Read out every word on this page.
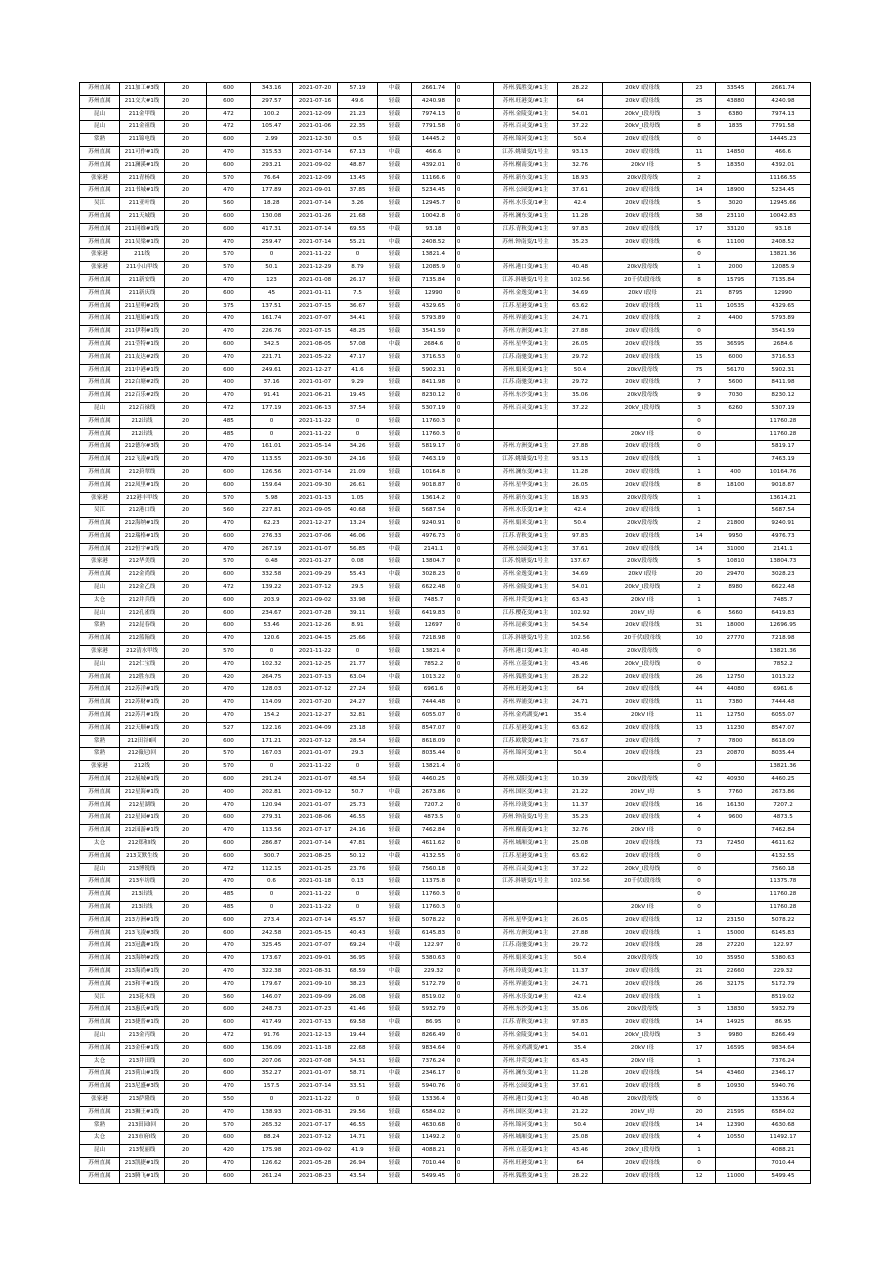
苏州直属	211加工#3线	20	600	343.16	2021-07-20	57.19	中载	2661.74	0	苏州.狐胜变/#1主	28.22	20kV Ⅰ段母线	23	33545	2661.74
苏州直属	211交大#1线	20	600	297.57	2021-07-16	49.6	轻载	4240.98	0	苏州.旺港变/#1主	64	20kV Ⅰ段母线	25	43880	4240.98
昆山	211金甲线	20	472	100.2	2021-12-09	21.23	轻载	7974.13	0	苏州.金陵变/#1主	54.01	20kV_Ⅰ段母线	3	6380	7974.13
昆山	211金祖线	20	472	105.47	2021-01-06	22.35	轻载	7791.58	0	苏州.百灵变/#1主	37.22	20kV_Ⅰ段母线	8	1835	7791.58
常熟	211锦电线	20	600	2.99	2021-12-30	0.5	轻载	14445.2	0	苏州.锦河变/#1主	50.4	20kV Ⅰ段母线	0		14445.23
苏州直属	211可作#1线	20	470	315.53	2021-07-14	67.13	中载	466.6	0	江苏.姚墙变/1号主	93.13	20kV Ⅰ段母线	11	14850	466.6
苏州直属	211澜溪#1线	20	600	293.21	2021-09-02	48.87	轻载	4392.01	0	苏州.榭南变/#1主	32.76	20kV Ⅰ母	5	18350	4392.01
张家港	211青杨线	20	570	76.64	2021-12-09	13.45	轻载	11166.6	0	苏州.新东变/#1主	18.93	20kV段母线	2		11166.55
苏州直属	211书城#1线	20	470	177.89	2021-09-01	37.85	轻载	5234.45	0	苏州.公园变/#1主	37.61	20kV Ⅰ段母线	14	18900	5234.45
吴江	211亚叶线	20	560	18.28	2021-07-14	3.26	轻载	12945.7	0	苏州.水乐变/1#主	42.4	20kV Ⅰ段母线	5	3020	12945.66
苏州直属	211天城线	20	600	130.08	2021-01-26	21.68	轻载	10042.8	0	苏州.澜东变/#1主	11.28	20kV Ⅰ段母线	38	23110	10042.83
苏州直属	211同维#1线	20	600	417.31	2021-07-14	69.55	中载	93.18	0	江苏.青秋变/#1主	97.83	20kV Ⅰ段母线	17	33120	93.18
苏州直属	211吴梁#1线	20	470	259.47	2021-07-14	55.21	中载	2408.52	0	苏州.钟南变/1号主	35.23	20kV Ⅰ段母线	6	11100	2408.52
张家港	211线	20	570	0	2021-11-22	0	轻载	13821.4	0				0		13821.36
张家港	211小山甲线	20	570	50.1	2021-12-29	8.79	轻载	12085.9	0	苏州.港口变/#1主	40.48	20kV段母线	1	2000	12085.9
苏州直属	211新安线	20	470	123	2021-01-08	26.17	轻载	7135.84	0	江苏.斜塘变/1号主	102.56	20千伏Ⅰ段母线	8	15795	7135.84
苏州直属	211新庆线	20	600	45	2021-01-11	7.5	轻载	12990	0	苏州.金逸变/#1主	34.69	20kV Ⅰ段母	21	8795	12990
苏州直属	211星明#2线	20	375	137.51	2021-07-15	36.67	轻载	4329.65	0	江苏.星港变/#1主	63.62	20kV Ⅰ段母线	11	10535	4329.65
苏州直属	211旭娟#1线	20	470	161.74	2021-07-07	34.41	轻载	5793.89	0	苏州.界浦变/#1主	24.71	20kV Ⅰ段母线	2	4400	5793.89
苏州直属	211伊利#1线	20	470	226.76	2021-07-15	48.25	轻载	3541.59	0	苏州.方洲变/#1主	27.88	20kV Ⅰ段母线	0		3541.59
苏州直属	211莹特#1线	20	600	342.5	2021-08-05	57.08	中载	2684.6	0	苏州.星华变/#1主	26.05	20kV Ⅰ段母线	35	36595	2684.6
苏州直属	211友达#2线	20	470	221.71	2021-05-22	47.17	轻载	3716.53	0	江苏.南驰变/#1主	29.72	20kV Ⅰ段母线	15	6000	3716.53
苏州直属	211中港#1线	20	600	249.61	2021-12-27	41.6	轻载	5902.31	0	苏州.娟米变/#1主	50.4	20kV段母线	75	56170	5902.31
苏州直属	212白塘#2线	20	400	37.16	2021-01-07	9.29	轻载	8411.98	0	江苏.南驰变/#1主	29.72	20kV Ⅰ段母线	7	5600	8411.98
苏州直属	212百乐#2线	20	470	91.41	2021-06-21	19.45	轻载	8230.12	0	苏州.东沙变/#1主	35.06	20kV段母线	9	7030	8230.12
昆山	212百禄线	20	472	177.19	2021-06-13	37.54	轻载	5307.19	0	苏州.百灵变/#1主	37.22	20kV_Ⅰ段母线	3	6260	5307.19
苏州直属	212出线	20	485	0	2021-11-22	0	轻载	11760.3	0				0		11760.28
苏州直属	212出线	20	485	0	2021-11-22	0	轻载	11760.3	0			20kV Ⅰ母	0		11760.28
苏州直属	212德尔#3线	20	470	161.01	2021-05-14	34.26	轻载	5819.17	0	苏州.方洲变/#1主	27.88	20kV Ⅰ段母线	0		5819.17
苏州直属	212飞凌#1线	20	470	113.55	2021-09-30	24.16	轻载	7463.19	0	江苏.姚墙变/1号主	93.13	20kV Ⅰ段母线	1		7463.19
苏州直属	212葑翠线	20	600	126.56	2021-07-14	21.09	轻载	10164.8	0	苏州.澜东变/#1主	11.28	20kV Ⅰ段母线	1	400	10164.76
苏州直属	212凤里#1线	20	600	159.64	2021-09-30	26.61	轻载	9018.87	0	苏州.星华变/#1主	26.05	20kV Ⅰ段母线	8	18100	9018.87
张家港	212港丰甲线	20	570	5.98	2021-01-13	1.05	轻载	13614.2	0	苏州.新东变/#1主	18.93	20kV段母线	1		13614.21
吴江	212港口线	20	560	227.81	2021-09-05	40.68	轻载	5687.54	0	苏州.水乐变/1#主	42.4	20kV Ⅰ段母线	1		5687.54
苏州直属	212海纳#1线	20	470	62.23	2021-12-27	13.24	轻载	9240.91	0	苏州.娟米变/#1主	50.4	20kV段母线	2	21800	9240.91
苏州直属	212瑞格#1线	20	600	276.33	2021-07-06	46.06	轻载	4976.73	0	江苏.青秋变/#1主	97.83	20kV Ⅰ段母线	14	9950	4976.73
苏州直属	212恒宇#1线	20	470	267.19	2021-01-07	56.85	中载	2141.1	0	苏州.公园变/#1主	37.61	20kV Ⅰ段母线	14	31000	2141.1
张家港	212华美线	20	570	0.48	2021-01-27	0.08	轻载	13804.7	0	江苏.悦塘变/1号主	137.67	20kV段母线	5	10810	13804.73
苏州直属	212金尚线	20	600	332.58	2021-09-29	55.43	中载	3028.23	0	苏州.金逸变/#1主	34.69	20kV Ⅰ段母	20	29470	3028.23
昆山	212金乙线	20	472	139.22	2021-07-12	29.5	轻载	6622.48	0	苏州.金陵变/#1主	54.01	20kV_Ⅰ段母线	2	8980	6622.48
太仓	212井兵线	20	600	203.9	2021-09-02	33.98	轻载	7485.7	0	苏州.井荧变/#1主	63.43	20kV Ⅰ母	1		7485.7
昆山	212孔雀线	20	600	234.67	2021-07-28	39.11	轻载	6419.83	0	江苏.樱花变/#1主	102.92	20kV_Ⅰ母	6	5660	6419.83
常熟	212昆春线	20	600	53.46	2021-12-26	8.91	轻载	12697	0	苏州.昆索变/#1主	54.54	20kV Ⅰ段母线	31	18000	12696.95
苏州直属	212篮翰线	20	470	120.6	2021-04-15	25.66	轻载	7218.98	0	江苏.斜塘变/1号主	102.56	20千伏Ⅰ段母线	10	27770	7218.98
张家港	212清水甲线	20	570	0	2021-11-22	0	轻载	13821.4	0	苏州.港口变/#1主	40.48	20kV段母线	0		13821.36
昆山	212仁宝线	20	470	102.32	2021-12-25	21.77	轻载	7852.2	0	苏州.立基变/#1主	43.46	20kV_Ⅰ段母线	0		7852.2
苏州直属	212胜东线	20	420	264.75	2021-07-13	63.04	中载	1013.22	0	苏州.狐胜变/#1主	28.22	20kV Ⅰ段母线	26	12750	1013.22
苏州直属	212苏洋#1线	20	470	128.03	2021-07-12	27.24	轻载	6961.6	0	苏州.旺港变/#1主	64	20kV Ⅰ段母线	44	44080	6961.6
苏州直属	212苏财#1线	20	470	114.09	2021-07-20	24.27	轻载	7444.48	0	苏州.界浦变/#1主	24.71	20kV Ⅰ段母线	11	7380	7444.48
苏州直属	212苏月#1线	20	470	154.2	2021-12-27	32.81	轻载	6055.07	0	苏州.金鸡湖变/#1	35.4	20kV Ⅰ母	11	12750	6055.07
苏州直属	212天顺#1线	20	527	122.16	2021-04-09	23.18	轻载	8547.07	0	江苏.星港变/#1主	63.62	20kV Ⅰ段母线	13	11230	8547.07
常熟	212田谷Ⅱ回	20	600	171.21	2021-07-12	28.54	轻载	8618.09	0	江苏.欧墩变/#1主	73.67	20kV Ⅰ段母线	7	7800	8618.09
常熟	212薇尼Ⅰ回	20	570	167.03	2021-01-07	29.3	轻载	8035.44	0	苏州.锦河变/#1主	50.4	20kV Ⅰ段母线	23	20870	8035.44
张家港	212线	20	570	0	2021-11-22	0	轻载	13821.4	0				0		13821.36
苏州直属	212展城#1线	20	600	291.24	2021-01-07	48.54	轻载	4460.25	0	苏州.双阳变/#1主	10.39	20kV段母线	42	40930	4460.25
苏州直属	212星海#1线	20	400	202.81	2021-09-12	50.7	中载	2673.86	0	苏州.国区变/#1主	21.22	20kV_Ⅰ母	5	7760	2673.86
苏州直属	212星湖线	20	470	120.94	2021-01-07	25.73	轻载	7207.2	0	苏州.玲珑变/#1主	11.37	20kV Ⅰ段母线	16	16130	7207.2
苏州直属	212星园#1线	20	600	279.31	2021-08-06	46.55	轻载	4873.5	0	苏州.钟南变/1号主	35.23	20kV Ⅰ段母线	4	9600	4873.5
苏州直属	212园游#1线	20	470	113.56	2021-07-17	24.16	轻载	7462.84	0	苏州.榭南变/#1主	32.76	20kV Ⅰ母	0		7462.84
太仓	212郑和Ⅰ线	20	600	286.87	2021-07-14	47.81	轻载	4611.62	0	苏州.城厢变/#1主	25.08	20kV Ⅰ段母线	73	72450	4611.62
苏州直属	213艾默生线	20	600	300.7	2021-08-25	50.12	中载	4132.55	0	江苏.星港变/#1主	63.62	20kV Ⅰ段母线	0		4132.55
昆山	213博锐线	20	472	112.15	2021-01-25	23.76	轻载	7560.18	0	苏州.百灵变/#1主	37.22	20kV_Ⅰ段母线	0		7560.18
苏州直属	213车坊线	20	470	0.6	2021-01-18	0.13	轻载	11375.8	0	江苏.斜塘变/1号主	102.56	20千伏Ⅰ段母线	0		11375.78
苏州直属	213出线	20	485	0	2021-11-22	0	轻载	11760.3	0				0		11760.28
苏州直属	213出线	20	485	0	2021-11-22	0	轻载	11760.3	0			20kV Ⅰ母	0		11760.28
苏州直属	213方洲#1线	20	600	273.4	2021-07-14	45.57	轻载	5078.22	0	苏州.星华变/#1主	26.05	20kV Ⅰ段母线	12	23150	5078.22
苏州直属	213飞凌#3线	20	600	242.58	2021-05-15	40.43	轻载	6145.83	0	苏州.方洲变/#1主	27.88	20kV Ⅰ段母线	1	15000	6145.83
苏州直属	213冠鑫#1线	20	470	325.45	2021-07-07	69.24	中载	122.97	0	江苏.南驰变/#1主	29.72	20kV Ⅰ段母线	28	27220	122.97
苏州直属	213海纳#2线	20	470	173.67	2021-09-01	36.95	轻载	5380.63	0	苏州.娟米变/#1主	50.4	20kV段母线	10	35950	5380.63
苏州直属	213海尚#1线	20	470	322.38	2021-08-31	68.59	中载	229.32	0	苏州.玲珑变/#1主	11.37	20kV Ⅰ段母线	21	22660	229.32
苏州直属	213和平#1线	20	470	179.67	2021-09-10	38.23	轻载	5172.79	0	苏州.界浦变/#1主	24.71	20kV Ⅰ段母线	26	32175	5172.79
吴江	213花木线	20	560	146.07	2021-09-09	26.08	轻载	8519.02	0	苏州.水乐变/1#主	42.4	20kV Ⅰ段母线	1		8519.02
苏州直属	213惠氏#1线	20	600	248.73	2021-07-23	41.46	轻载	5932.79	0	苏州.东沙变/#1主	35.06	20kV段母线	3	13830	5932.79
苏州直属	213捷普#1线	20	600	417.49	2021-07-13	69.58	中载	86.95	0	江苏.青秋变/#1主	97.83	20kV Ⅰ段母线	14	14925	86.95
昆山	213金丙线	20	472	91.76	2021-12-13	19.44	轻载	8266.49	0	苏州.金陵变/#1主	54.01	20kV_Ⅰ段母线	3	9980	8266.49
苏州直属	213金佳#1线	20	600	136.09	2021-11-18	22.68	轻载	9834.64	0	苏州.金鸡湖变/#1	35.4	20kV Ⅰ母	17	16595	9834.64
太仓	213井田线	20	600	207.06	2021-07-08	34.51	轻载	7376.24	0	苏州.井荧变/#1主	63.43	20kV Ⅰ母	1		7376.24
苏州直属	213荷山#1线	20	600	352.27	2021-01-07	58.71	中载	2346.17	0	苏州.澜东变/#1主	11.28	20kV Ⅰ段母线	54	43460	2346.17
苏州直属	213尼盛#3线	20	470	157.5	2021-07-14	33.51	轻载	5940.76	0	苏州.公园变/#1主	37.61	20kV Ⅰ段母线	8	10930	5940.76
张家港	213萨隆线	20	550	0	2021-11-22	0	轻载	13336.4	0	苏州.港口变/#1主	40.48	20kV段母线	0		13336.4
苏州直属	213狮王#1线	20	470	138.93	2021-08-31	29.56	轻载	6584.02	0	苏州.国区变/#1主	21.22	20kV_Ⅰ母	20	21595	6584.02
常熟	213田园Ⅰ回	20	570	265.32	2021-07-17	46.55	轻载	4630.68	0	苏州.锦河变/#1主	50.4	20kV Ⅰ段母线	14	12390	4630.68
太仓	213市府Ⅰ线	20	600	88.24	2021-07-12	14.71	轻载	11492.2	0	苏州.城厢变/#1主	25.08	20kV Ⅰ段母线	4	10550	11492.17
昆山	213悦丽线	20	420	175.98	2021-09-02	41.9	轻载	4088.21	0	苏州.立基变/#1主	43.46	20kV_Ⅰ段母线	1		4088.21
苏州直属	213凯捷#1线	20	470	126.62	2021-05-28	26.94	轻载	7010.44	0	苏州.旺港变/#1主	64	20kV Ⅰ段母线	0		7010.44
苏州直属	213腾飞#1线	20	600	261.24	2021-08-23	43.54	轻载	5499.45	0	苏州.狐胜变/#1主	28.22	20kV Ⅰ段母线	12	11000	5499.45
